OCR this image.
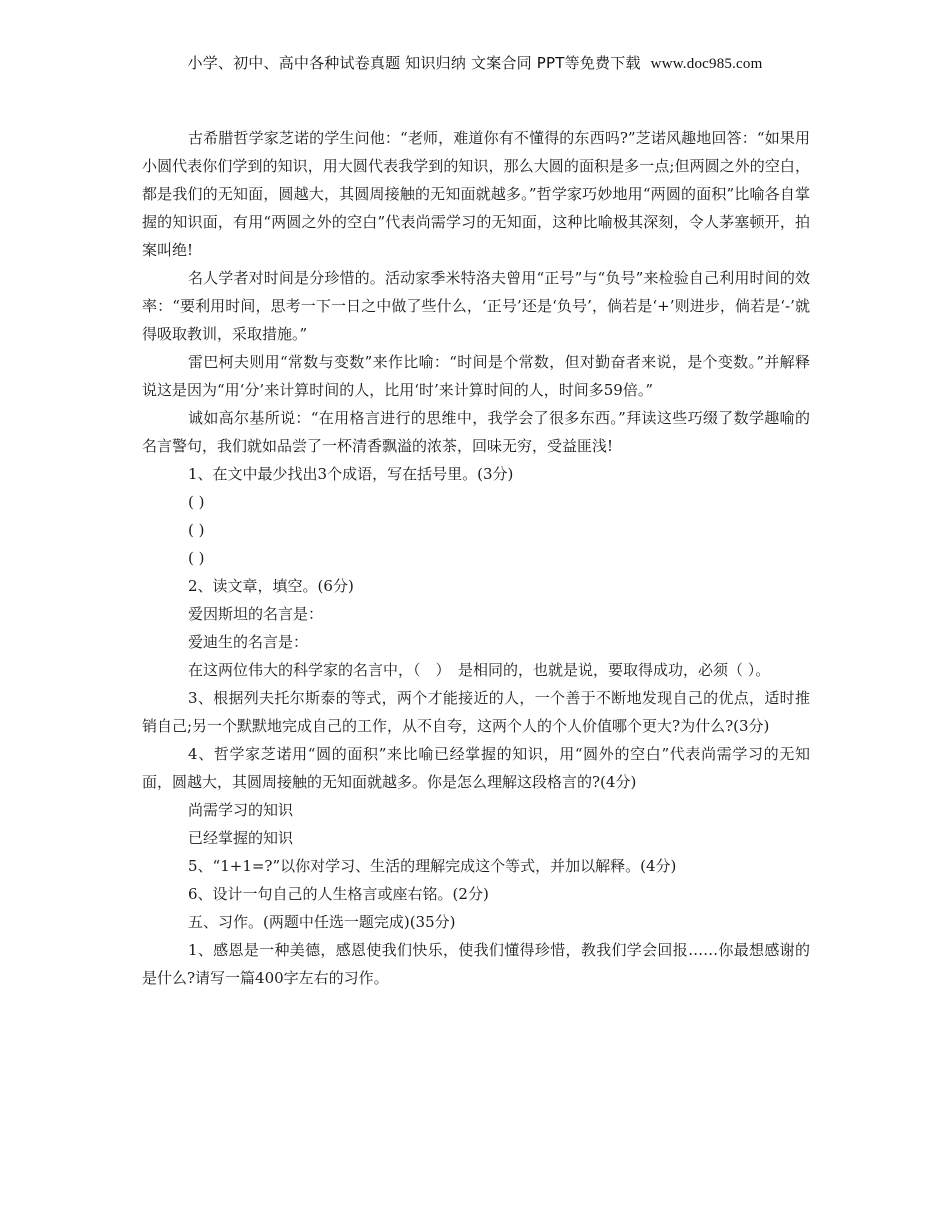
小学、初中、高中各种试卷真题 知识归纳 文案合同 PPT等免费下载 www.doc985.com

古希腊哲学家芝诺的学生问他：“老师，难道你有不懂得的东西吗?”芝诺风趣地回答：“如果用小圆代表你们学到的知识，用大圆代表我学到的知识，那么大圆的面积是多一点;但两圆之外的空白，都是我们的无知面，圆越大，其圆周接触的无知面就越多。”哲学家巧妙地用“两圆的面积”比喻各自掌握的知识面，有用“两圆之外的空白”代表尚需学习的无知面，这种比喻极其深刻，令人茅塞顿开，拍案叫绝!

名人学者对时间是分珍惜的。活动家季米特洛夫曾用“正号”与“负号”来检验自己利用时间的效率：“要利用时间，思考一下一日之中做了些什么，‘正号’还是‘负号’，倘若是‘+’则进步，倘若是‘-’就得吸取教训，采取措施。”

雷巴柯夫则用“常数与变数”来作比喻：“时间是个常数，但对勤奋者来说，是个变数。”并解释说这是因为“用‘分’来计算时间的人，比用‘时’来计算时间的人，时间多59倍。”

诚如高尔基所说：“在用格言进行的思维中，我学会了很多东西。”拜读这些巧缀了数学趣喻的名言警句，我们就如品尝了一杯清香飘溢的浓茶，回味无穷，受益匪浅!

1、在文中最少找出3个成语，写在括号里。(3分)

( )

( )

( )

2、读文章，填空。(6分)

爱因斯坦的名言是：

爱迪生的名言是：

在这两位伟大的科学家的名言中，（　）　是相同的，也就是说，要取得成功，必须（ ）。

3、根据列夫托尔斯泰的等式，两个才能接近的人，一个善于不断地发现自己的优点，适时推销自己;另一个默默地完成自己的工作，从不自夸，这两个人的个人价值哪个更大?为什么?(3分)

4、哲学家芝诺用“圆的面积”来比喻已经掌握的知识，用“圆外的空白”代表尚需学习的无知面，圆越大，其圆周接触的无知面就越多。你是怎么理解这段格言的?(4分)

尚需学习的知识

已经掌握的知识

5、“1+1=?”以你对学习、生活的理解完成这个等式，并加以解释。(4分)

6、设计一句自己的人生格言或座右铭。(2分)

五、习作。(两题中任选一题完成)(35分)

1、感恩是一种美德，感恩使我们快乐，使我们懂得珍惜，教我们学会回报……你最想感谢的是什么?请写一篇400字左右的习作。
